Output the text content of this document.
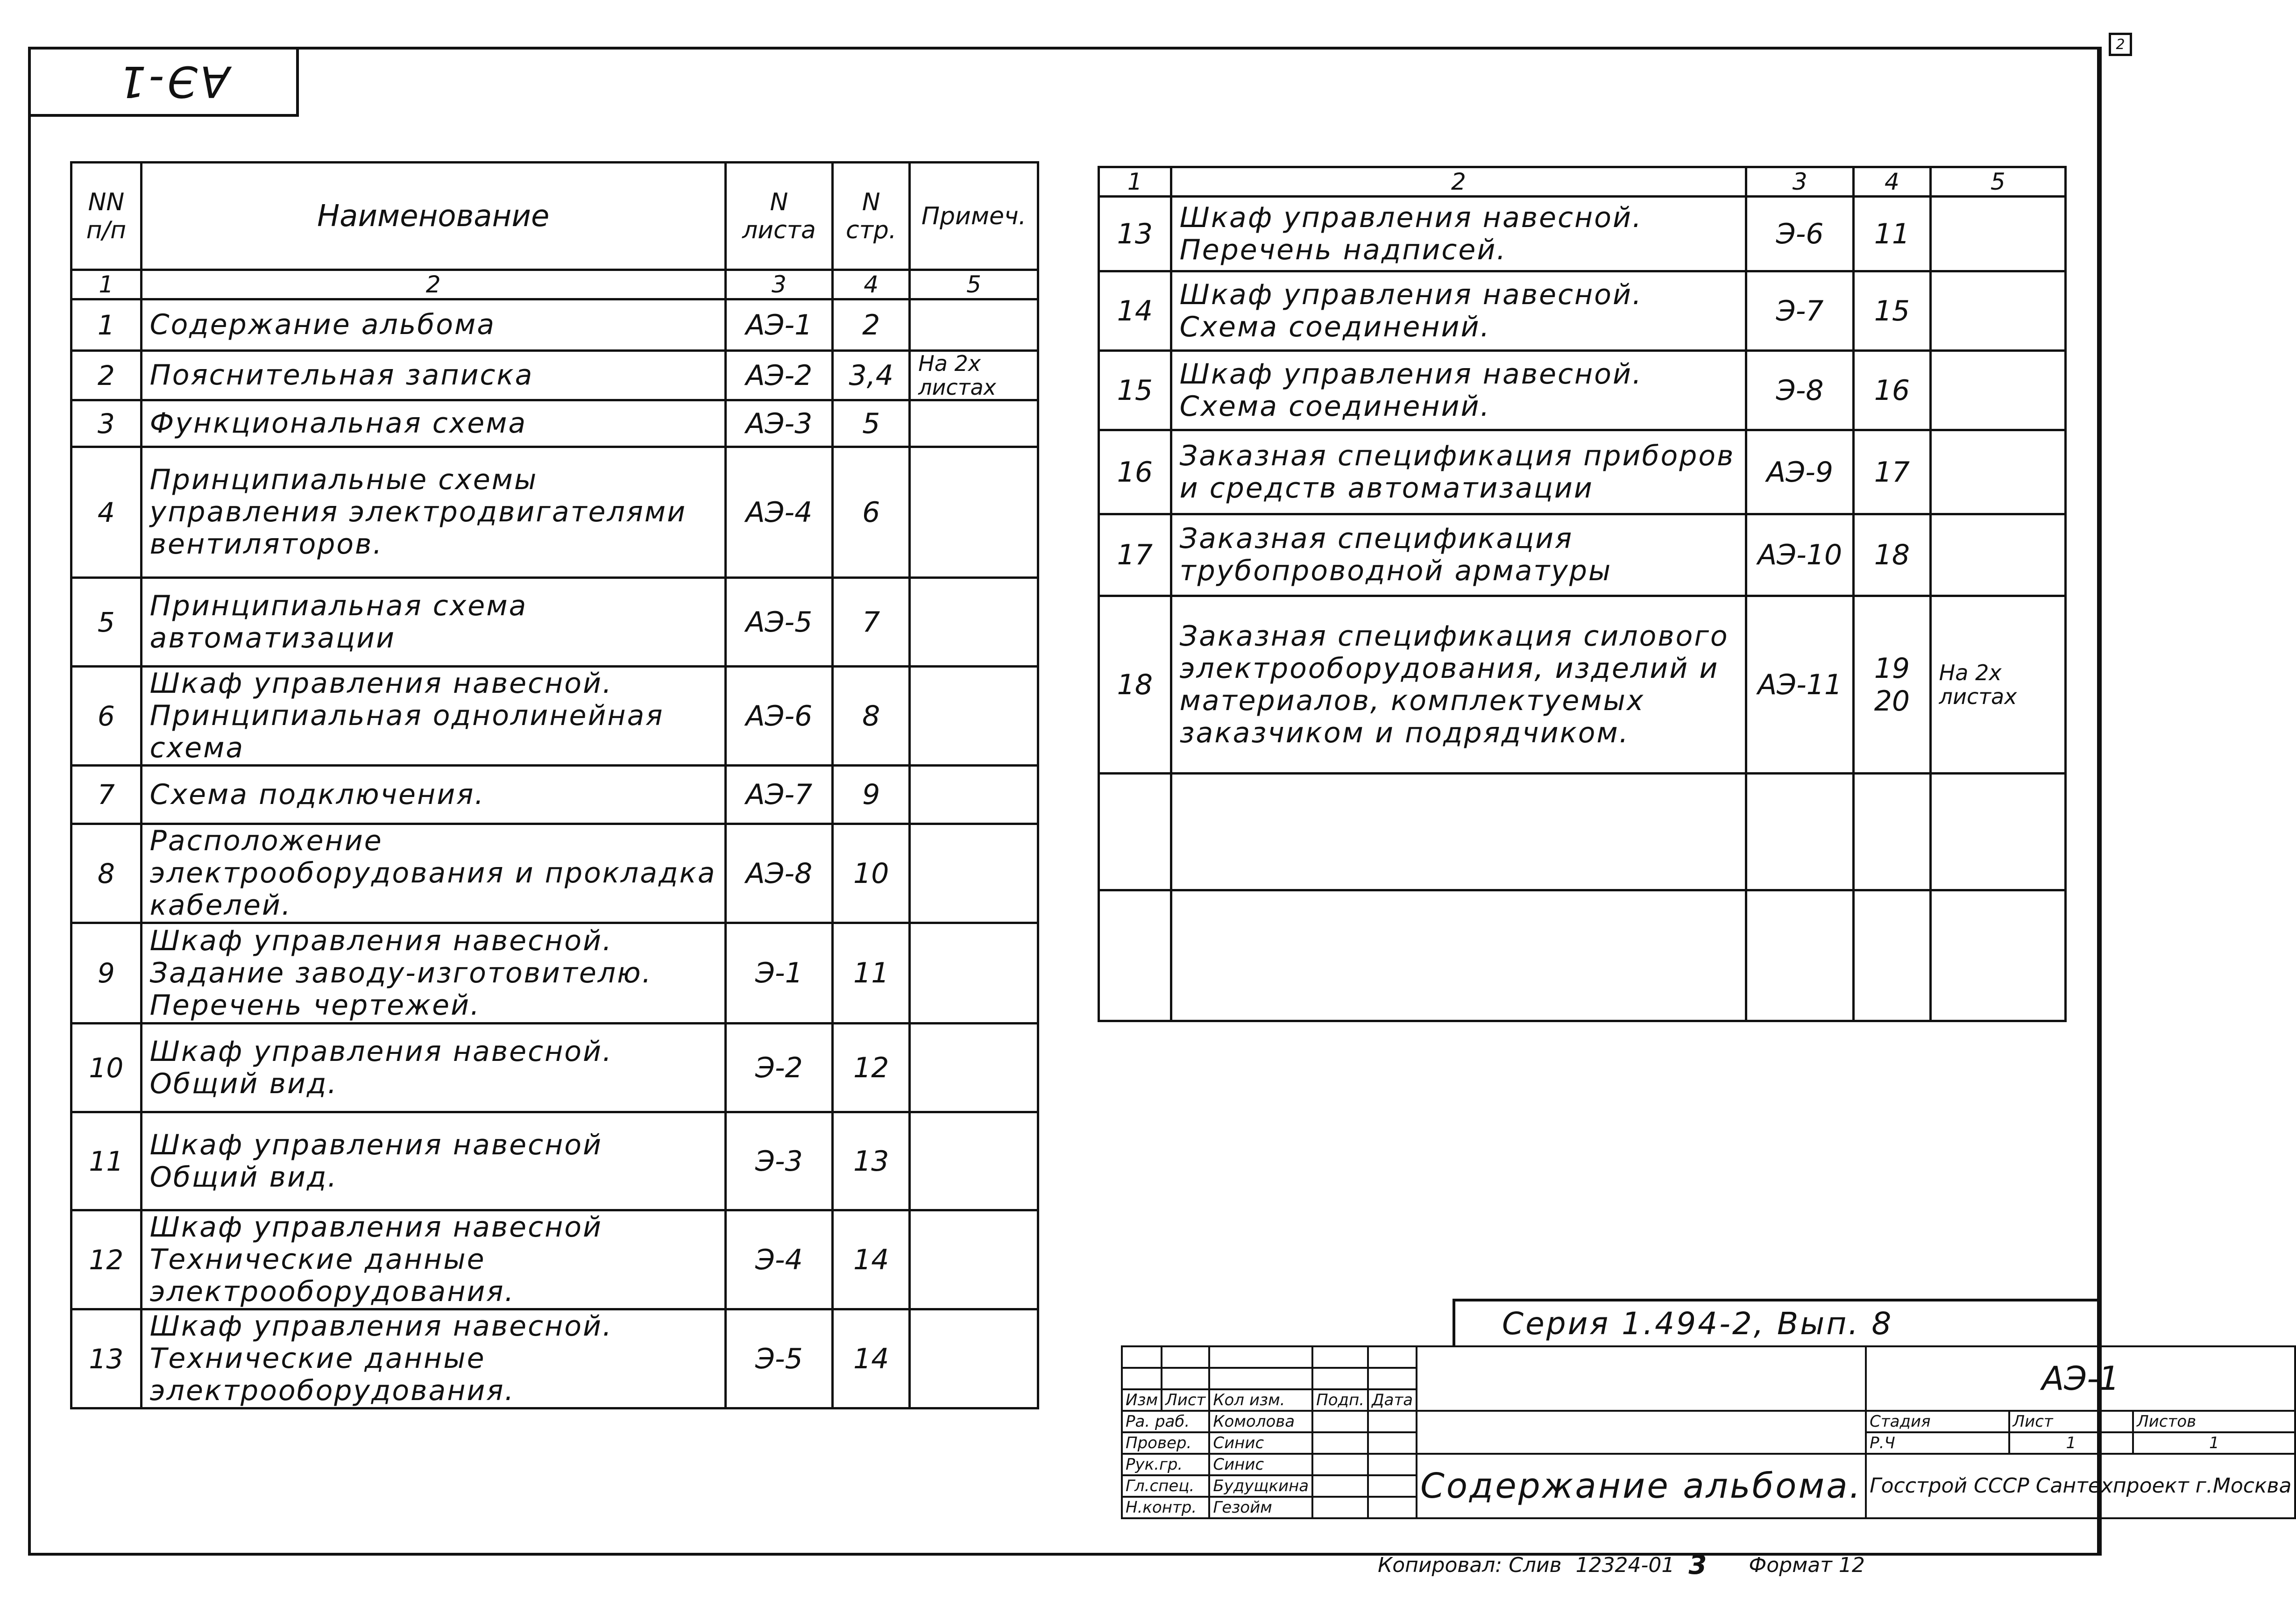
АЭ-1
2
NN п/п	Наименование	N листа	N стр.	Примеч.
1	2	3	4	5
1	Содержание альбома	АЭ-1	2	
2	Пояснительная записка	АЭ-2	3,4	На 2х листах
3	Функциональная схема	АЭ-3	5	
4	Принципиальные схемы управления электродвигателями вентиляторов.	АЭ-4	6	
5	Принципиальная схема автоматизации	АЭ-5	7	
6	Шкаф управления навесной. Принципиальная однолинейная схема	АЭ-6	8	
7	Схема подключения.	АЭ-7	9	
8	Расположение электрооборудования и прокладка кабелей.	АЭ-8	10	
9	Шкаф управления навесной. Задание заводу-изготовителю. Перечень чертежей.	Э-1	11	
10	Шкаф управления навесной. Общий вид.	Э-2	12	
11	Шкаф управления навесной Общий вид.	Э-3	13	
12	Шкаф управления навесной Технические данные электрооборудования.	Э-4	14	
13	Шкаф управления навесной. Технические данные электрооборудования.	Э-5	14	
1	2	3	4	5
13	Шкаф управления навесной. Перечень надписей.	Э-6	11	
14	Шкаф управления навесной. Схема соединений.	Э-7	15	
15	Шкаф управления навесной. Схема соединений.	Э-8	16	
16	Заказная спецификация приборов и средств автоматизации	АЭ-9	17	
17	Заказная спецификация трубопроводной арматуры	АЭ-10	18	
18	Заказная спецификация силового электрооборудования, изделий и материалов, комплектуемых заказчиком и подрядчиком.	АЭ-11	19 20	На 2х листах

Серия 1.494-2, Вып. 8
						АЭ-1		

Изм	Лист	Кол изм.	Подп.	Дата				
Ра. раб.		Комолова				Стадия	Лист	Листов
Провер.		Синис				Р.Ч	1	1
Рук.гр.		Синис			Содержание альбома.	Госстрой СССР Сантехпроект г.Москва		
Гл.спец.		Будущкина						
Н.контр.		Гезойм						
Копировал: Слив 12324-01 3 Формат 12
